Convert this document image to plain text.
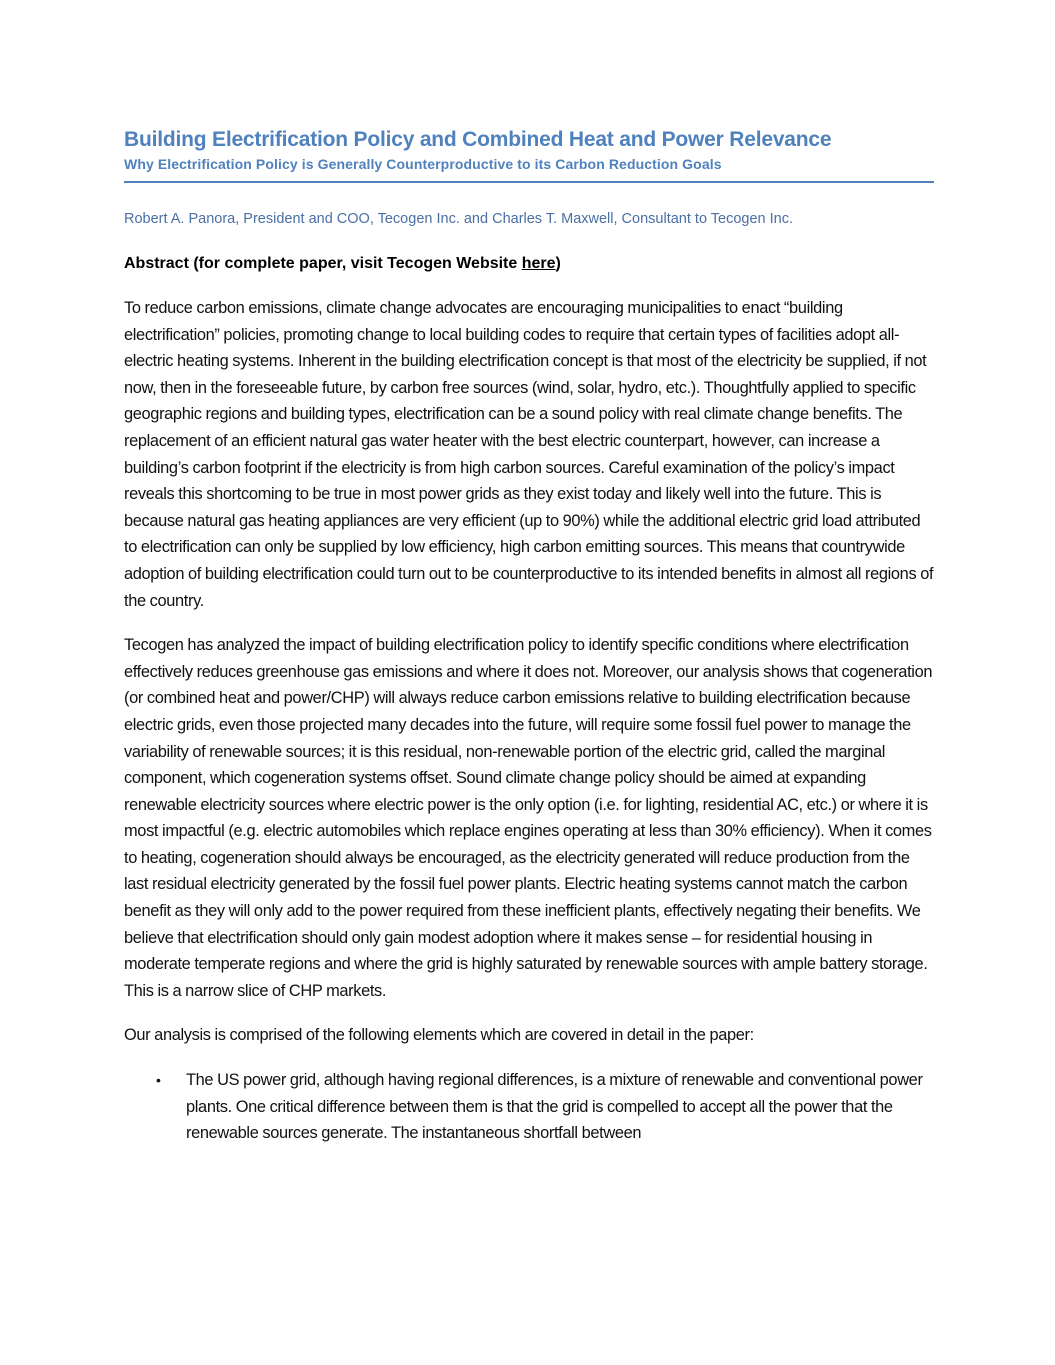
Building Electrification Policy and Combined Heat and Power Relevance
Why Electrification Policy is Generally Counterproductive to its Carbon Reduction Goals
Robert A. Panora, President and COO, Tecogen Inc. and Charles T. Maxwell, Consultant to Tecogen Inc.
Abstract (for complete paper, visit Tecogen Website here)

To reduce carbon emissions, climate change advocates are encouraging municipalities to enact “building electrification” policies, promoting change to local building codes to require that certain types of facilities adopt all-electric heating systems. Inherent in the building electrification concept is that most of the electricity be supplied, if not now, then in the foreseeable future, by carbon free sources (wind, solar, hydro, etc.). Thoughtfully applied to specific geographic regions and building types, electrification can be a sound policy with real climate change benefits. The replacement of an efficient natural gas water heater with the best electric counterpart, however, can increase a building’s carbon footprint if the electricity is from high carbon sources. Careful examination of the policy’s impact reveals this shortcoming to be true in most power grids as they exist today and likely well into the future. This is because natural gas heating appliances are very efficient (up to 90%) while the additional electric grid load attributed to electrification can only be supplied by low efficiency, high carbon emitting sources. This means that countrywide adoption of building electrification could turn out to be counterproductive to its intended benefits in almost all regions of the country.

Tecogen has analyzed the impact of building electrification policy to identify specific conditions where electrification effectively reduces greenhouse gas emissions and where it does not. Moreover, our analysis shows that cogeneration (or combined heat and power/CHP) will always reduce carbon emissions relative to building electrification because electric grids, even those projected many decades into the future, will require some fossil fuel power to manage the variability of renewable sources; it is this residual, non-renewable portion of the electric grid, called the marginal component, which cogeneration systems offset. Sound climate change policy should be aimed at expanding renewable electricity sources where electric power is the only option (i.e. for lighting, residential AC, etc.) or where it is most impactful (e.g. electric automobiles which replace engines operating at less than 30% efficiency). When it comes to heating, cogeneration should always be encouraged, as the electricity generated will reduce production from the last residual electricity generated by the fossil fuel power plants. Electric heating systems cannot match the carbon benefit as they will only add to the power required from these inefficient plants, effectively negating their benefits. We believe that electrification should only gain modest adoption where it makes sense – for residential housing in moderate temperate regions and where the grid is highly saturated by renewable sources with ample battery storage. This is a narrow slice of CHP markets.

Our analysis is comprised of the following elements which are covered in detail in the paper:

• The US power grid, although having regional differences, is a mixture of renewable and conventional power plants. One critical difference between them is that the grid is compelled to accept all the power that the renewable sources generate. The instantaneous shortfall between
